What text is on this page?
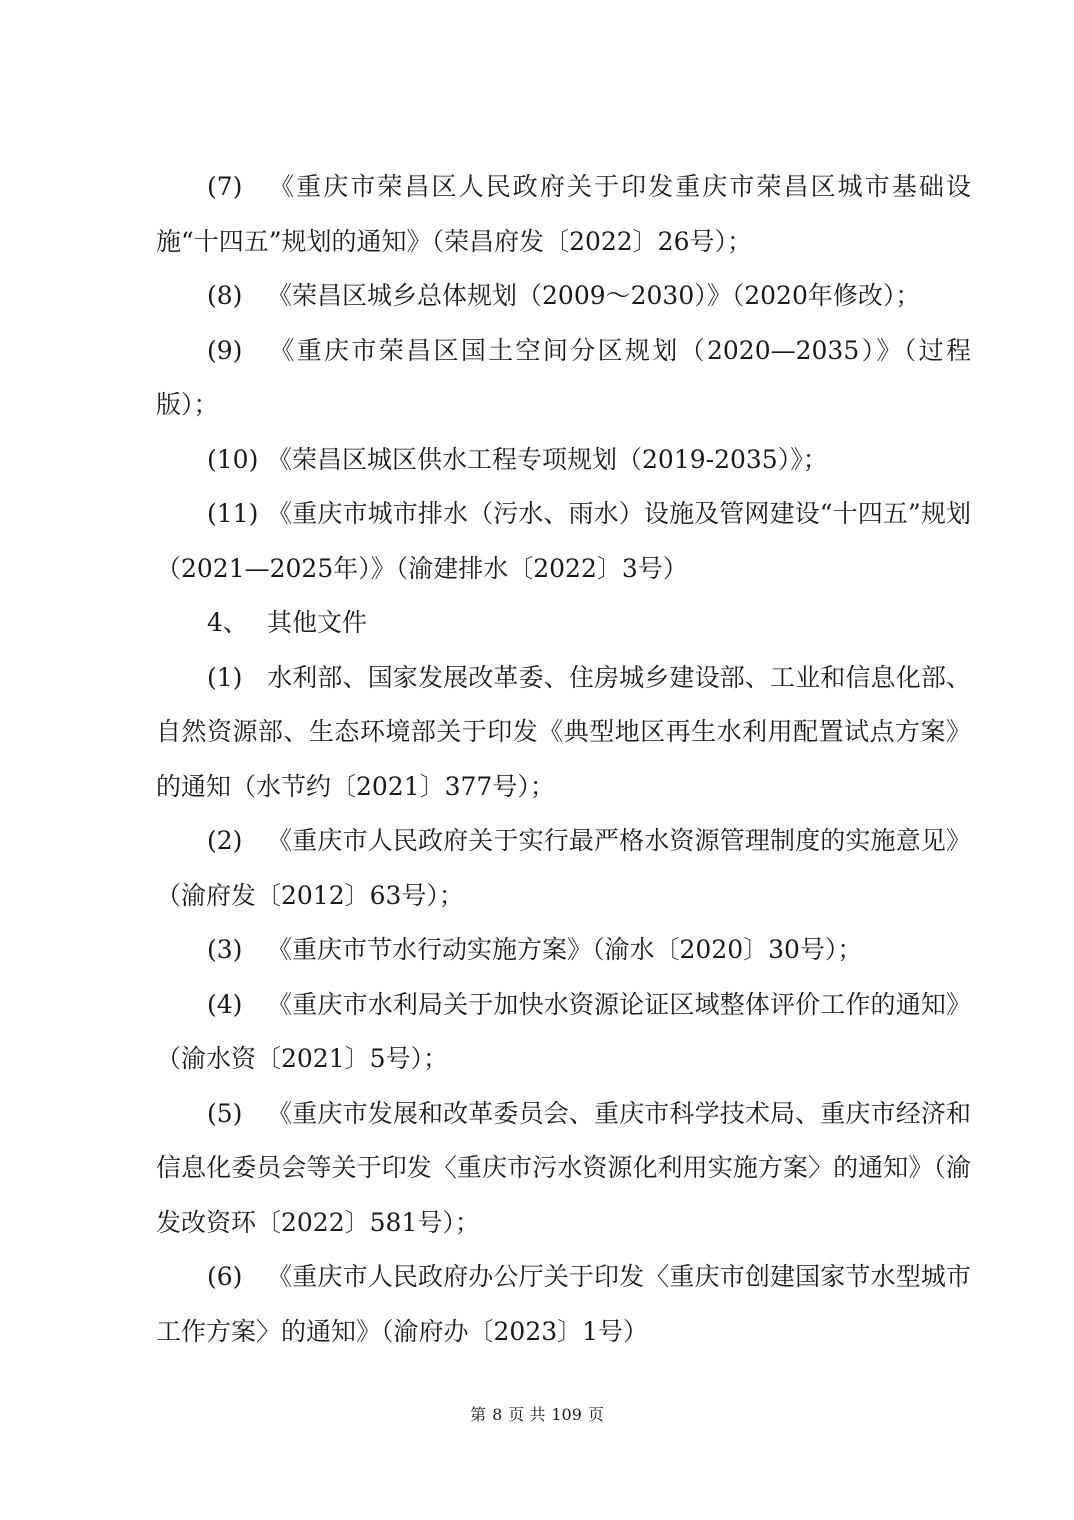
(7) 《重庆市荣昌区人民政府关于印发重庆市荣昌区城市基础设施“十四五”规划的通知》（荣昌府发〔2022〕26号）；

(8) 《荣昌区城乡总体规划（2009～2030）》（2020年修改）；

(9) 《重庆市荣昌区国土空间分区规划（2020—2035）》（过程版）；

(10) 《荣昌区城区供水工程专项规划（2019-2035）》；

(11) 《重庆市城市排水（污水、雨水）设施及管网建设“十四五”规划（2021—2025年）》（渝建排水〔2022〕3号）

4、 其他文件

(1) 水利部、国家发展改革委、住房城乡建设部、工业和信息化部、自然资源部、生态环境部关于印发《典型地区再生水利用配置试点方案》的通知（水节约〔2021〕377号）；

(2) 《重庆市人民政府关于实行最严格水资源管理制度的实施意见》（渝府发〔2012〕63号）；

(3) 《重庆市节水行动实施方案》（渝水〔2020〕30号）；

(4) 《重庆市水利局关于加快水资源论证区域整体评价工作的通知》（渝水资〔2021〕5号）；

(5) 《重庆市发展和改革委员会、重庆市科学技术局、重庆市经济和信息化委员会等关于印发〈重庆市污水资源化利用实施方案〉的通知》（渝发改资环〔2022〕581号）；

(6) 《重庆市人民政府办公厅关于印发〈重庆市创建国家节水型城市工作方案〉的通知》（渝府办〔2023〕1号）

第 8 页 共 109 页
